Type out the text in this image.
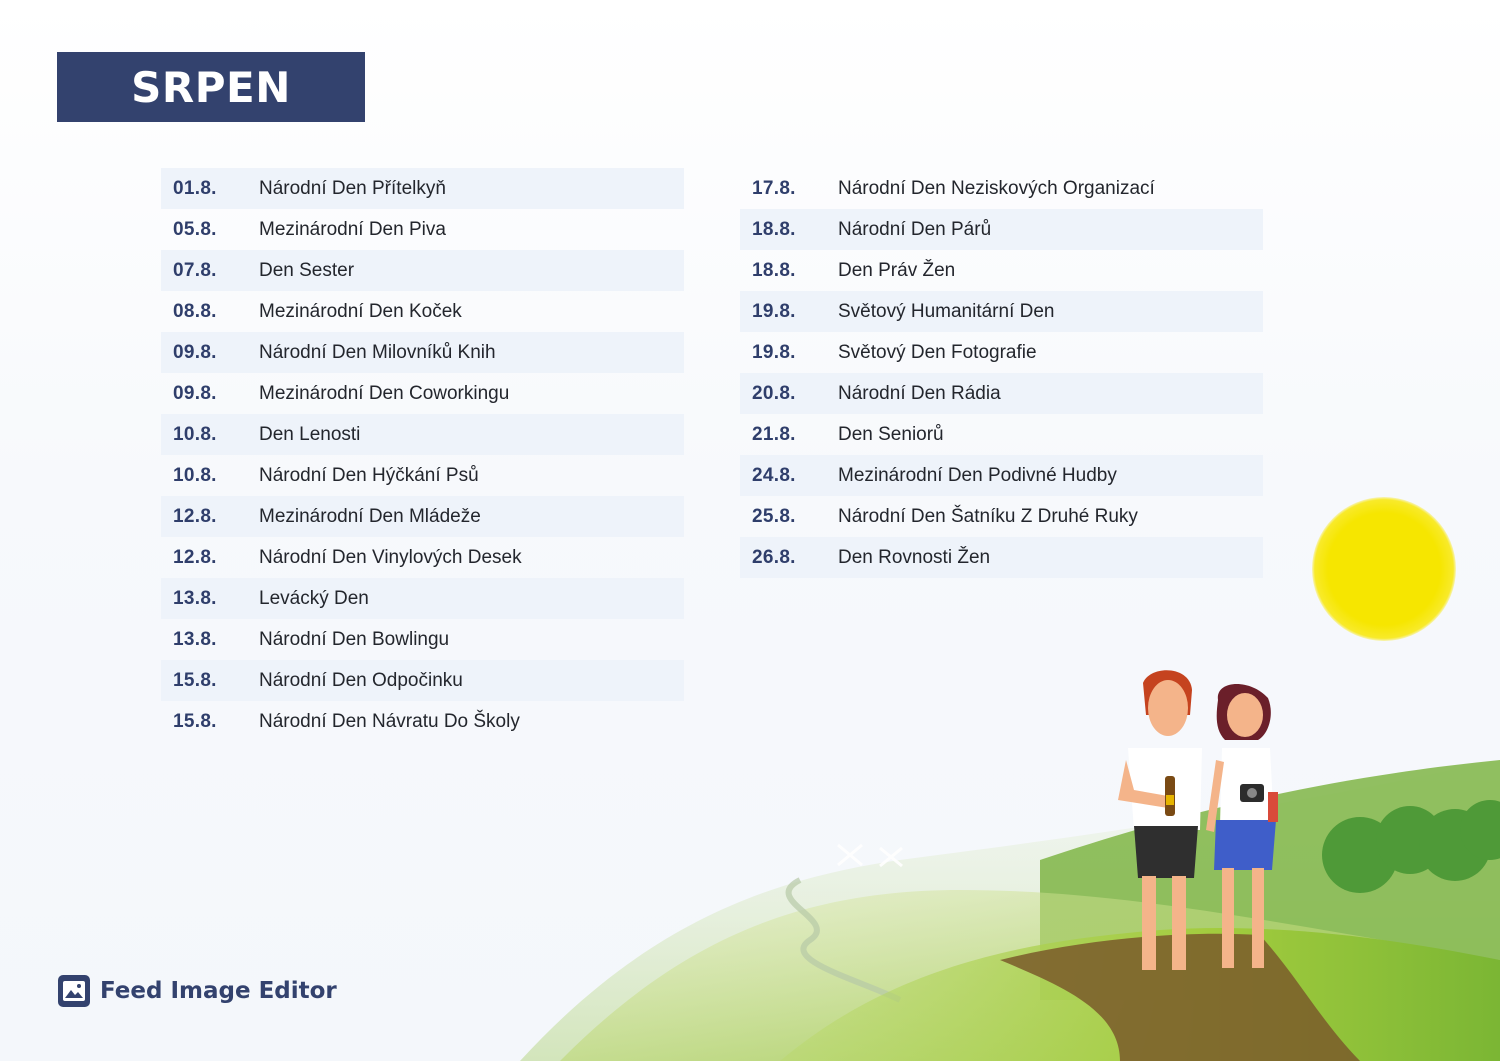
SRPEN
01.8.	Národní Den Přítelkyň
05.8.	Mezinárodní Den Piva
07.8.	Den Sester
08.8.	Mezinárodní Den Koček
09.8.	Národní Den Milovníků Knih
09.8.	Mezinárodní Den Coworkingu
10.8.	Den Lenosti
10.8.	Národní Den Hýčkání Psů
12.8.	Mezinárodní Den Mládeže
12.8.	Národní Den Vinylových Desek
13.8.	Levácký Den
13.8.	Národní Den Bowlingu
15.8.	Národní Den Odpočinku
15.8.	Národní Den Návratu Do Školy
17.8.	Národní Den Neziskových Organizací
18.8.	Národní Den Párů
18.8.	Den Práv Žen
19.8.	Světový Humanitární Den
19.8.	Světový Den Fotografie
20.8.	Národní Den Rádia
21.8.	Den Seniorů
24.8.	Mezinárodní Den Podivné Hudby
25.8.	Národní Den Šatníku Z Druhé Ruky
26.8.	Den Rovnosti Žen
Feed Image Editor
